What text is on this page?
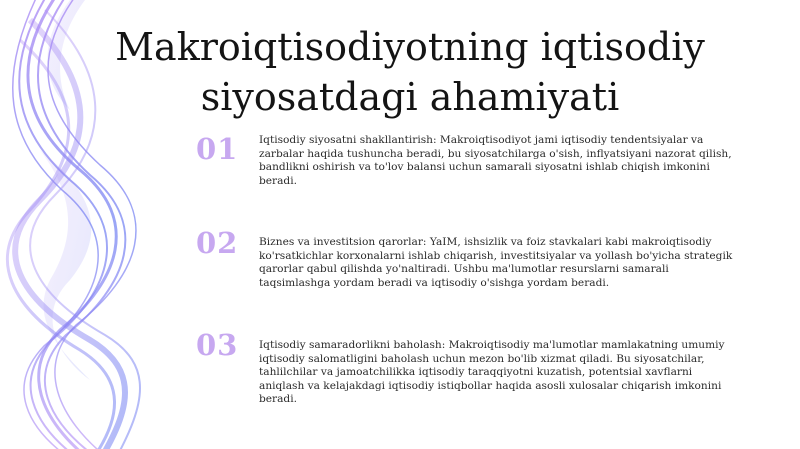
Makroiqtisodiyotning iqtisodiy siyosatdagi ahamiyati
01	Iqtisodiy siyosatni shakllantirish: Makroiqtisodiyot jami iqtisodiy tendentsiyalar va zarbalar haqida tushuncha beradi, bu siyosatchilarga o'sish, inflyatsiyani nazorat qilish, bandlikni oshirish va to'lov balansi uchun samarali siyosatni ishlab chiqish imkonini beradi.

02	Biznes va investitsion qarorlar: YaIM, ishsizlik va foiz stavkalari kabi makroiqtisodiy ko'rsatkichlar korxonalarni ishlab chiqarish, investitsiyalar va yollash bo'yicha strategik qarorlar qabul qilishda yo'naltiradi. Ushbu ma'lumotlar resurslarni samarali taqsimlashga yordam beradi va iqtisodiy o'sishga yordam beradi.

03	Iqtisodiy samaradorlikni baholash: Makroiqtisodiy ma'lumotlar mamlakatning umumiy iqtisodiy salomatligini baholash uchun mezon bo'lib xizmat qiladi. Bu siyosatchilar, tahlilchilar va jamoatchilikka iqtisodiy taraqqiyotni kuzatish, potentsial xavflarni aniqlash va kelajakdagi iqtisodiy istiqbollar haqida asosli xulosalar chiqarish imkonini beradi.
